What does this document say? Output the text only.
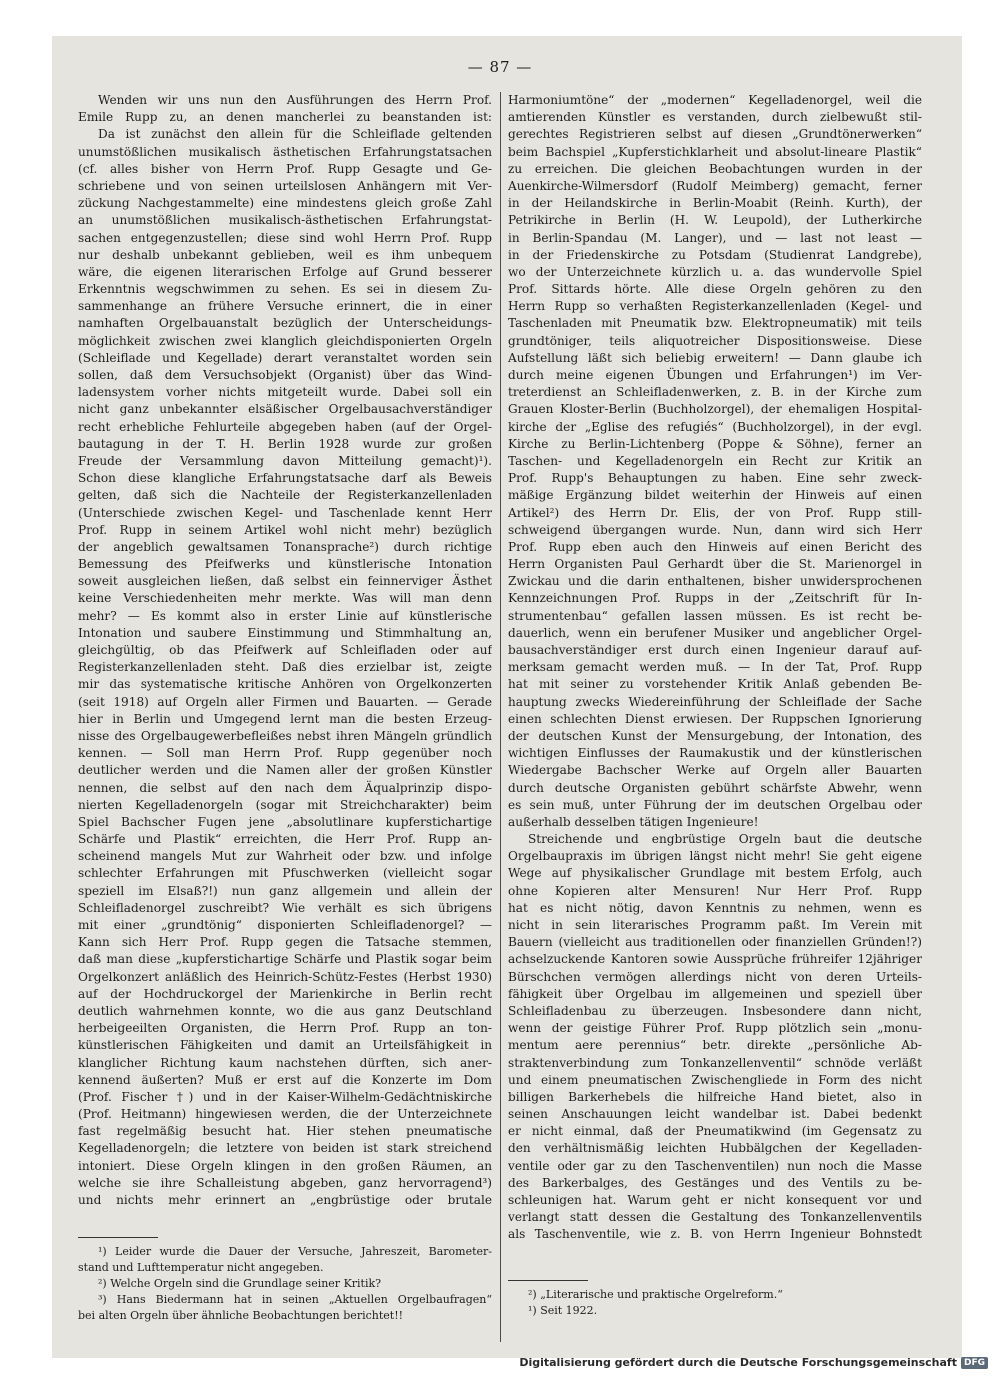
— 87 —
Wenden wir uns nun den Ausführungen des Herrn Prof.
Emile Rupp zu, an denen mancherlei zu beanstanden ist:
Da ist zunächst den allein für die Schleiflade geltenden
unumstößlichen musikalisch ästhetischen Erfahrungstatsachen
(cf. alles bisher von Herrn Prof. Rupp Gesagte und Ge-
schriebene und von seinen urteilslosen Anhängern mit Ver-
zückung Nachgestammelte) eine mindestens gleich große Zahl
an unumstößlichen musikalisch-ästhetischen Erfahrungstat-
sachen entgegenzustellen; diese sind wohl Herrn Prof. Rupp
nur deshalb unbekannt geblieben, weil es ihm unbequem
wäre, die eigenen literarischen Erfolge auf Grund besserer
Erkenntnis wegschwimmen zu sehen. Es sei in diesem Zu-
sammenhange an frühere Versuche erinnert, die in einer
namhaften Orgelbauanstalt bezüglich der Unterscheidungs-
möglichkeit zwischen zwei klanglich gleichdisponierten Orgeln
(Schleiflade und Kegellade) derart veranstaltet worden sein
sollen, daß dem Versuchsobjekt (Organist) über das Wind-
ladensystem vorher nichts mitgeteilt wurde. Dabei soll ein
nicht ganz unbekannter elsäßischer Orgelbausachverständiger
recht erhebliche Fehlurteile abgegeben haben (auf der Orgel-
bautagung in der T. H. Berlin 1928 wurde zur großen
Freude der Versammlung davon Mitteilung gemacht)¹).
Schon diese klangliche Erfahrungstatsache darf als Beweis
gelten, daß sich die Nachteile der Registerkanzellenladen
(Unterschiede zwischen Kegel- und Taschenlade kennt Herr
Prof. Rupp in seinem Artikel wohl nicht mehr) bezüglich
der angeblich gewaltsamen Tonansprache²) durch richtige
Bemessung des Pfeifwerks und künstlerische Intonation
soweit ausgleichen ließen, daß selbst ein feinnerviger Ästhet
keine Verschiedenheiten mehr merkte. Was will man denn
mehr? — Es kommt also in erster Linie auf künstlerische
Intonation und saubere Einstimmung und Stimmhaltung an,
gleichgültig, ob das Pfeifwerk auf Schleifladen oder auf
Registerkanzellenladen steht. Daß dies erzielbar ist, zeigte
mir das systematische kritische Anhören von Orgelkonzerten
(seit 1918) auf Orgeln aller Firmen und Bauarten. — Gerade
hier in Berlin und Umgegend lernt man die besten Erzeug-
nisse des Orgelbaugewerbefleißes nebst ihren Mängeln gründlich
kennen. — Soll man Herrn Prof. Rupp gegenüber noch
deutlicher werden und die Namen aller der großen Künstler
nennen, die selbst auf den nach dem Äqualprinzip dispo-
nierten Kegelladenorgeln (sogar mit Streichcharakter) beim
Spiel Bachscher Fugen jene „absolutlinare kupferstichartige
Schärfe und Plastik“ erreichten, die Herr Prof. Rupp an-
scheinend mangels Mut zur Wahrheit oder bzw. und infolge
schlechter Erfahrungen mit Pfuschwerken (vielleicht sogar
speziell im Elsaß?!) nun ganz allgemein und allein der
Schleifladenorgel zuschreibt? Wie verhält es sich übrigens
mit einer „grundtönig“ disponierten Schleifladenorgel? —
Kann sich Herr Prof. Rupp gegen die Tatsache stemmen,
daß man diese „kupferstichartige Schärfe und Plastik sogar beim
Orgelkonzert anläßlich des Heinrich-Schütz-Festes (Herbst 1930)
auf der Hochdruckorgel der Marienkirche in Berlin recht
deutlich wahrnehmen konnte, wo die aus ganz Deutschland
herbeigeeilten Organisten, die Herrn Prof. Rupp an ton-
künstlerischen Fähigkeiten und damit an Urteilsfähigkeit in
klanglicher Richtung kaum nachstehen dürften, sich aner-
kennend äußerten? Muß er erst auf die Konzerte im Dom
(Prof. Fischer †) und in der Kaiser-Wilhelm-Gedächtniskirche
(Prof. Heitmann) hingewiesen werden, die der Unterzeichnete
fast regelmäßig besucht hat. Hier stehen pneumatische
Kegelladenorgeln; die letztere von beiden ist stark streichend
intoniert. Diese Orgeln klingen in den großen Räumen, an
welche sie ihre Schalleistung abgeben, ganz hervorragend³)
und nichts mehr erinnert an „engbrüstige oder brutale
Harmoniumtöne“ der „modernen“ Kegelladenorgel, weil die
amtierenden Künstler es verstanden, durch zielbewußt stil-
gerechtes Registrieren selbst auf diesen „Grundtönerwerken“
beim Bachspiel „Kupferstichklarheit und absolut-lineare Plastik“
zu erreichen. Die gleichen Beobachtungen wurden in der
Auenkirche-Wilmersdorf (Rudolf Meimberg) gemacht, ferner
in der Heilandskirche in Berlin-Moabit (Reinh. Kurth), der
Petrikirche in Berlin (H. W. Leupold), der Lutherkirche
in Berlin-Spandau (M. Langer), und — last not least —
in der Friedenskirche zu Potsdam (Studienrat Landgrebe),
wo der Unterzeichnete kürzlich u. a. das wundervolle Spiel
Prof. Sittards hörte. Alle diese Orgeln gehören zu den
Herrn Rupp so verhaßten Registerkanzellenladen (Kegel- und
Taschenladen mit Pneumatik bzw. Elektropneumatik) mit teils
grundtöniger, teils aliquotreicher Dispositionsweise. Diese
Aufstellung läßt sich beliebig erweitern! — Dann glaube ich
durch meine eigenen Übungen und Erfahrungen¹) im Ver-
treterdienst an Schleifladenwerken, z. B. in der Kirche zum
Grauen Kloster-Berlin (Buchholzorgel), der ehemaligen Hospital-
kirche der „Eglise des refugiés“ (Buchholzorgel), in der evgl.
Kirche zu Berlin-Lichtenberg (Poppe & Söhne), ferner an
Taschen- und Kegelladenorgeln ein Recht zur Kritik an
Prof. Rupp's Behauptungen zu haben. Eine sehr zweck-
mäßige Ergänzung bildet weiterhin der Hinweis auf einen
Artikel²) des Herrn Dr. Elis, der von Prof. Rupp still-
schweigend übergangen wurde. Nun, dann wird sich Herr
Prof. Rupp eben auch den Hinweis auf einen Bericht des
Herrn Organisten Paul Gerhardt über die St. Marienorgel in
Zwickau und die darin enthaltenen, bisher unwidersprochenen
Kennzeichnungen Prof. Rupps in der „Zeitschrift für In-
strumentenbau“ gefallen lassen müssen. Es ist recht be-
dauerlich, wenn ein berufener Musiker und angeblicher Orgel-
bausachverständiger erst durch einen Ingenieur darauf auf-
merksam gemacht werden muß. — In der Tat, Prof. Rupp
hat mit seiner zu vorstehender Kritik Anlaß gebenden Be-
hauptung zwecks Wiedereinführung der Schleiflade der Sache
einen schlechten Dienst erwiesen. Der Ruppschen Ignorierung
der deutschen Kunst der Mensurgebung, der Intonation, des
wichtigen Einflusses der Raumakustik und der künstlerischen
Wiedergabe Bachscher Werke auf Orgeln aller Bauarten
durch deutsche Organisten gebührt schärfste Abwehr, wenn
es sein muß, unter Führung der im deutschen Orgelbau oder
außerhalb desselben tätigen Ingenieure!
Streichende und engbrüstige Orgeln baut die deutsche
Orgelbaupraxis im übrigen längst nicht mehr! Sie geht eigene
Wege auf physikalischer Grundlage mit bestem Erfolg, auch
ohne Kopieren alter Mensuren! Nur Herr Prof. Rupp
hat es nicht nötig, davon Kenntnis zu nehmen, wenn es
nicht in sein literarisches Programm paßt. Im Verein mit
Bauern (vielleicht aus traditionellen oder finanziellen Gründen!?)
achselzuckende Kantoren sowie Aussprüche frühreifer 12jähriger
Bürschchen vermögen allerdings nicht von deren Urteils-
fähigkeit über Orgelbau im allgemeinen und speziell über
Schleifladenbau zu überzeugen. Insbesondere dann nicht,
wenn der geistige Führer Prof. Rupp plötzlich sein „monu-
mentum aere perennius“ betr. direkte „persönliche Ab-
straktenverbindung zum Tonkanzellenventil“ schnöde verläßt
und einem pneumatischen Zwischengliede in Form des nicht
billigen Barkerhebels die hilfreiche Hand bietet, also in
seinen Anschauungen leicht wandelbar ist. Dabei bedenkt
er nicht einmal, daß der Pneumatikwind (im Gegensatz zu
den verhältnismäßig leichten Hubbälgchen der Kegelladen-
ventile oder gar zu den Taschenventilen) nun noch die Masse
des Barkerbalges, des Gestänges und des Ventils zu be-
schleunigen hat. Warum geht er nicht konsequent vor und
verlangt statt dessen die Gestaltung des Tonkanzellenventils
als Taschenventile, wie z. B. von Herrn Ingenieur Bohnstedt
¹) Leider wurde die Dauer der Versuche, Jahreszeit, Barometer-
stand und Lufttemperatur nicht angegeben.
²) Welche Orgeln sind die Grundlage seiner Kritik?
³) Hans Biedermann hat in seinen „Aktuellen Orgelbaufragen“
bei alten Orgeln über ähnliche Beobachtungen berichtet!!
²) „Literarische und praktische Orgelreform.“
¹) Seit 1922.
Digitalisierung gefördert durch die Deutsche Forschungsgemeinschaft DFG
